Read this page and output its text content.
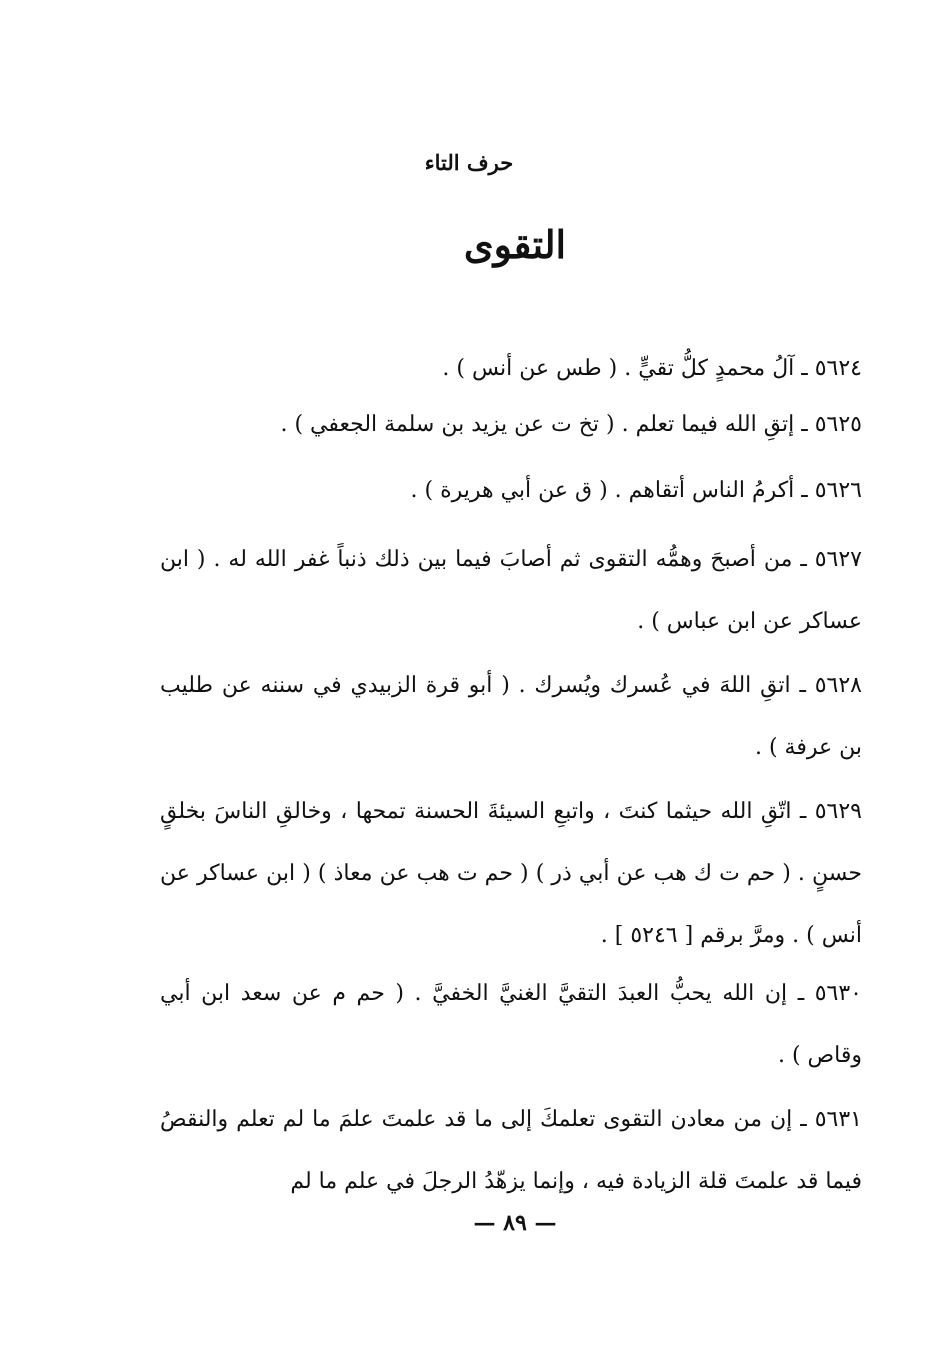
حرف التاء
التقوى

٥٦٢٤ ـ آلُ محمدٍ كلُّ تقيٍّ . ( طس عن أنس ) .

٥٦٢٥ ـ إتقِ الله فيما تعلم . ( تخ ت عن يزيد بن سلمة الجعفي ) .

٥٦٢٦ ـ أكرمُ الناس أتقاهم . ( ق عن أبي هريرة ) .

٥٦٢٧ ـ من أصبحَ وهمُّه التقوى ثم أصابَ فيما بين ذلك ذنباً غفر الله له . ( ابن عساكر عن ابن عباس ) .

٥٦٢٨ ـ اتقِ اللهَ في عُسرك ويُسرك . ( أبو قرة الزبيدي في سننه عن طليب بن عرفة ) .

٥٦٢٩ ـ اتّقِ الله حيثما كنتَ ، واتبعِ السيئةَ الحسنة تمحها ، وخالقِ الناسَ بخلقٍ حسنٍ . ( حم ت ك هب عن أبي ذر ) ( حم ت هب عن معاذ ) ( ابن عساكر عن أنس ) . ومرَّ برقم [ ٥٢٤٦ ] .

٥٦٣٠ ـ إن الله يحبُّ العبدَ التقيَّ الغنيَّ الخفيَّ . ( حم م عن سعد ابن أبي وقاص ) .

٥٦٣١ ـ إن من معادن التقوى تعلمكَ إلى ما قد علمتَ علمَ ما لم تعلم والنقصُ فيما قد علمتَ قلة الزيادة فيه ، وإنما يزهّدُ الرجلَ في علم ما لم

— ٨٩ —
